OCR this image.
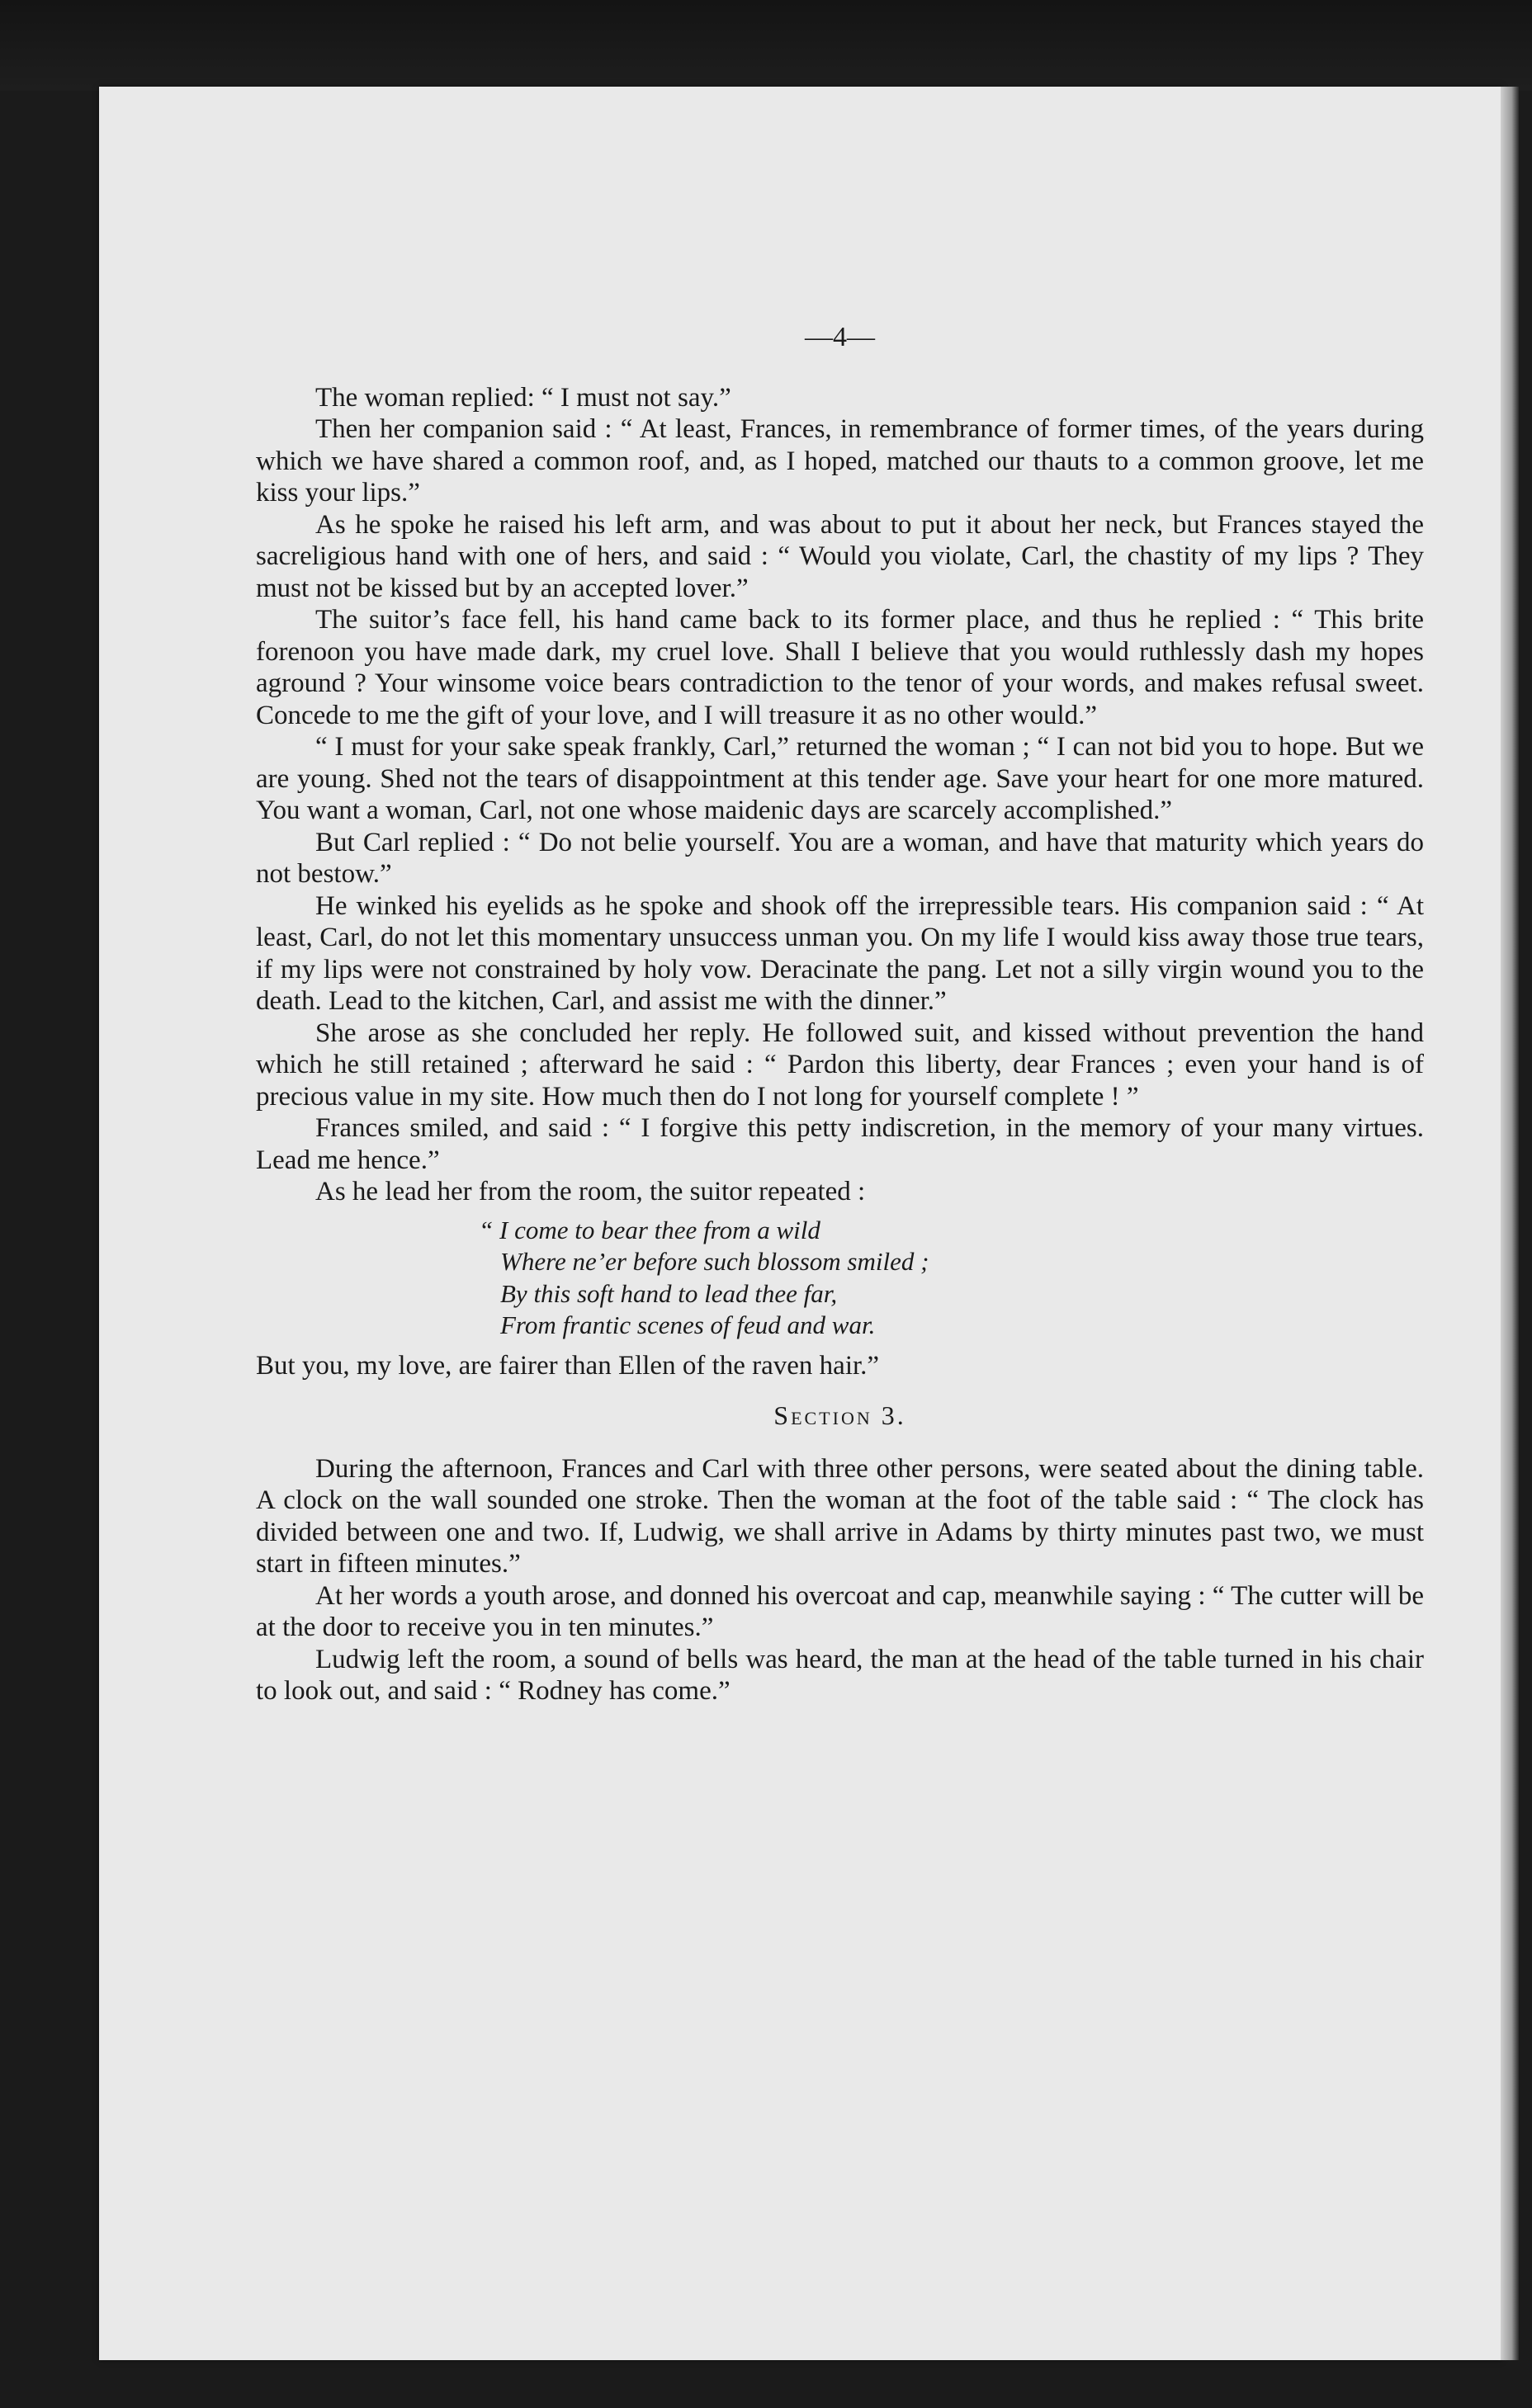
—4—

The woman replied: “ I must not say.”

Then her companion said : “ At least, Frances, in remembrance of former times, of the years during which we have shared a common roof, and, as I hoped, matched our thauts to a common groove, let me kiss your lips.”

As he spoke he raised his left arm, and was about to put it about her neck, but Frances stayed the sacreligious hand with one of hers, and said : “ Would you violate, Carl, the chastity of my lips ? They must not be kissed but by an accepted lover.”

The suitor’s face fell, his hand came back to its former place, and thus he replied : “ This brite forenoon you have made dark, my cruel love. Shall I believe that you would ruthlessly dash my hopes aground ? Your winsome voice bears contradiction to the tenor of your words, and makes refusal sweet. Concede to me the gift of your love, and I will treasure it as no other would.”

“ I must for your sake speak frankly, Carl,” returned the woman ; “ I can not bid you to hope. But we are young. Shed not the tears of disappointment at this tender age. Save your heart for one more matured. You want a woman, Carl, not one whose maidenic days are scarcely accomplished.”

But Carl replied : “ Do not belie yourself. You are a woman, and have that maturity which years do not bestow.”

He winked his eyelids as he spoke and shook off the irrepressible tears. His companion said : “ At least, Carl, do not let this momentary unsuccess unman you. On my life I would kiss away those true tears, if my lips were not constrained by holy vow. Deracinate the pang. Let not a silly virgin wound you to the death. Lead to the kitchen, Carl, and assist me with the dinner.”

She arose as she concluded her reply. He followed suit, and kissed without prevention the hand which he still retained ; afterward he said : “ Pardon this liberty, dear Frances ; even your hand is of precious value in my site. How much then do I not long for yourself complete ! ”

Frances smiled, and said : “ I forgive this petty indiscretion, in the memory of your many virtues. Lead me hence.”

As he lead her from the room, the suitor repeated :

“ I come to bear thee from a wild
Where ne’er before such blossom smiled ;
By this soft hand to lead thee far,
From frantic scenes of feud and war.

But you, my love, are fairer than Ellen of the raven hair.”

Section 3.

During the afternoon, Frances and Carl with three other persons, were seated about the dining table. A clock on the wall sounded one stroke. Then the woman at the foot of the table said : “ The clock has divided between one and two. If, Ludwig, we shall arrive in Adams by thirty minutes past two, we must start in fifteen minutes.”

At her words a youth arose, and donned his overcoat and cap, meanwhile saying : “ The cutter will be at the door to receive you in ten minutes.”

Ludwig left the room, a sound of bells was heard, the man at the head of the table turned in his chair to look out, and said : “ Rodney has come.”
